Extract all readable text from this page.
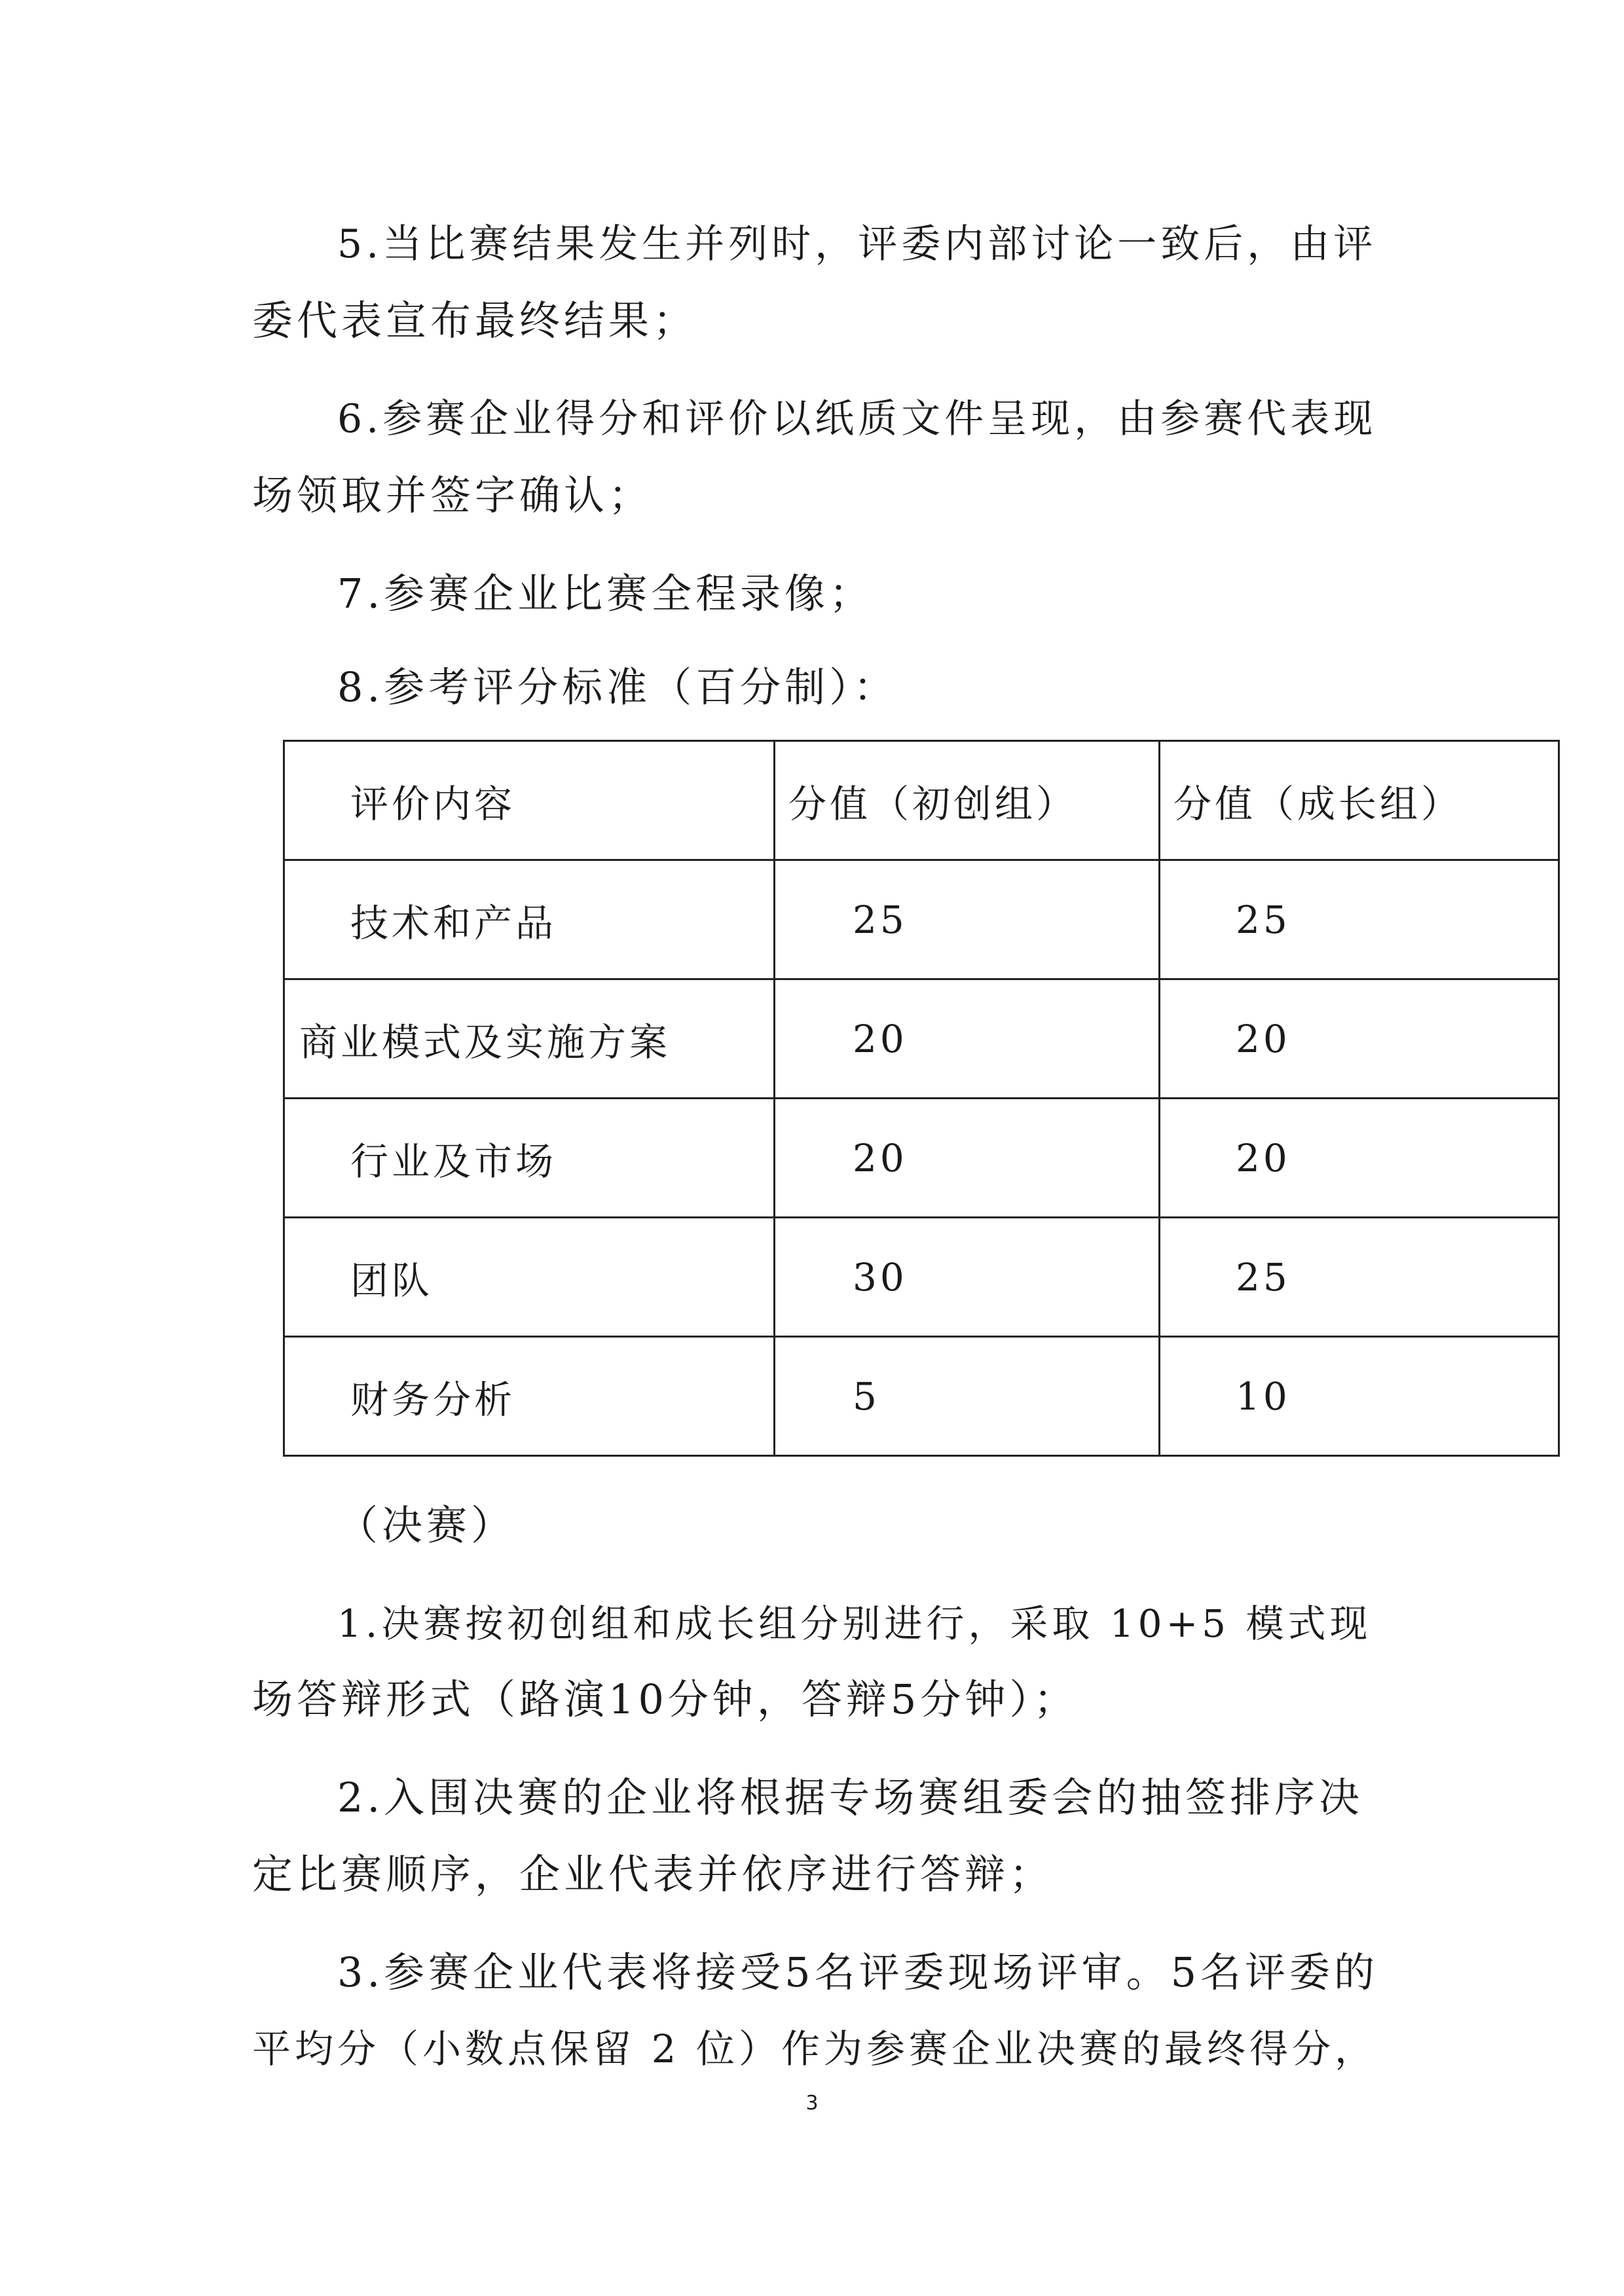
5.当比赛结果发生并列时，评委内部讨论一致后，由评
委代表宣布最终结果；
6.参赛企业得分和评价以纸质文件呈现，由参赛代表现
场领取并签字确认；
7.参赛企业比赛全程录像；
8.参考评分标准（百分制）：
评价内容	分值（初创组）	分值（成长组）
技术和产品	25	25
商业模式及实施方案	20	20
行业及市场	20	20
团队	30	25
财务分析	5	10
（决赛）
1.决赛按初创组和成长组分别进行，采取 10+5 模式现
场答辩形式（路演10分钟，答辩5分钟）；
2.入围决赛的企业将根据专场赛组委会的抽签排序决
定比赛顺序，企业代表并依序进行答辩；
3.参赛企业代表将接受5名评委现场评审。5名评委的
平均分（小数点保留 2 位）作为参赛企业决赛的最终得分，
3
